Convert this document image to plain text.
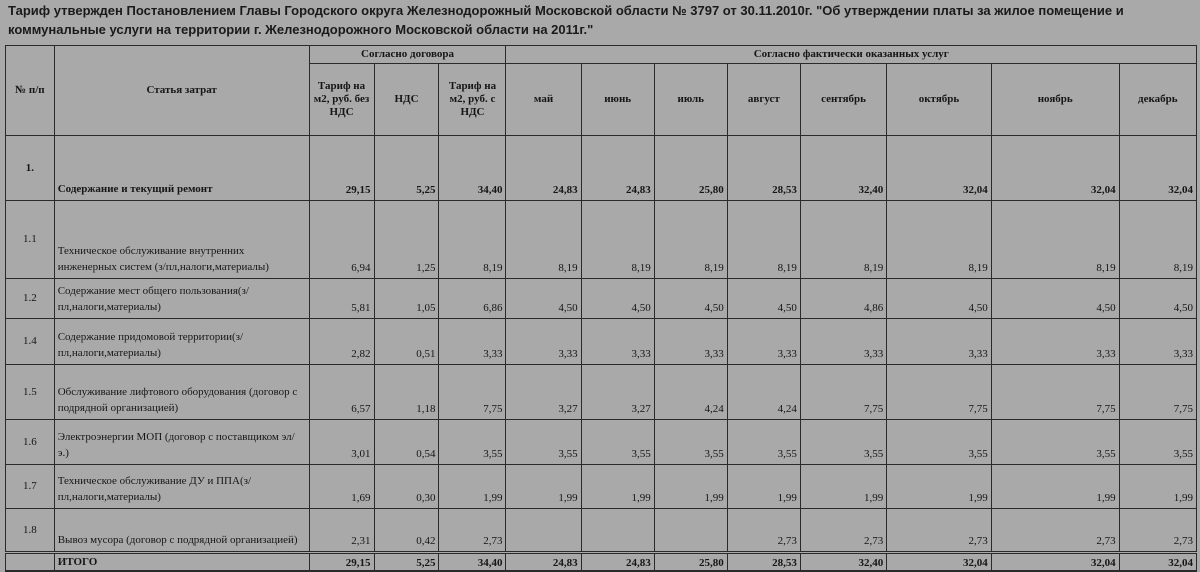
Тариф утвержден Постановлением Главы Городского округа Железнодорожный Московской области № 3797 от 30.11.2010г. "Об утверждении платы за жилое помещение и коммунальные услуги на территории г. Железнодорожного Московской области на 2011г."
№ п/п	Статья затрат	Согласно договора			Согласно фактически оказанных услуг							
		Тариф на м2, руб. без НДС	НДС	Тариф на м2, руб. с НДС	май	июнь	июль	август	сентябрь	октябрь	ноябрь	декабрь
1.	Содержание и текущий ремонт	29,15	5,25	34,40	24,83	24,83	25,80	28,53	32,40	32,04	32,04	32,04
1.1	Техническое обслуживание внутренних инженерных систем (з/пл,налоги,материалы)	6,94	1,25	8,19	8,19	8,19	8,19	8,19	8,19	8,19	8,19	8,19
1.2	Содержание мест общего пользования(з/пл,налоги,материалы)	5,81	1,05	6,86	4,50	4,50	4,50	4,50	4,86	4,50	4,50	4,50
1.4	Содержание придомовой территории(з/пл,налоги,материалы)	2,82	0,51	3,33	3,33	3,33	3,33	3,33	3,33	3,33	3,33	3,33
1.5	Обслуживание лифтового оборудования (договор с подрядной организацией)	6,57	1,18	7,75	3,27	3,27	4,24	4,24	7,75	7,75	7,75	7,75
1.6	Электроэнергии МОП (договор с поставщиком эл/э.)	3,01	0,54	3,55	3,55	3,55	3,55	3,55	3,55	3,55	3,55	3,55
1.7	Техническое обслуживание ДУ и ППА(з/пл,налоги,материалы)	1,69	0,30	1,99	1,99	1,99	1,99	1,99	1,99	1,99	1,99	1,99
1.8	Вывоз мусора (договор с подрядной организацией)	2,31	0,42	2,73				2,73	2,73	2,73	2,73	2,73
	ИТОГО	29,15	5,25	34,40	24,83	24,83	25,80	28,53	32,40	32,04	32,04	32,04
